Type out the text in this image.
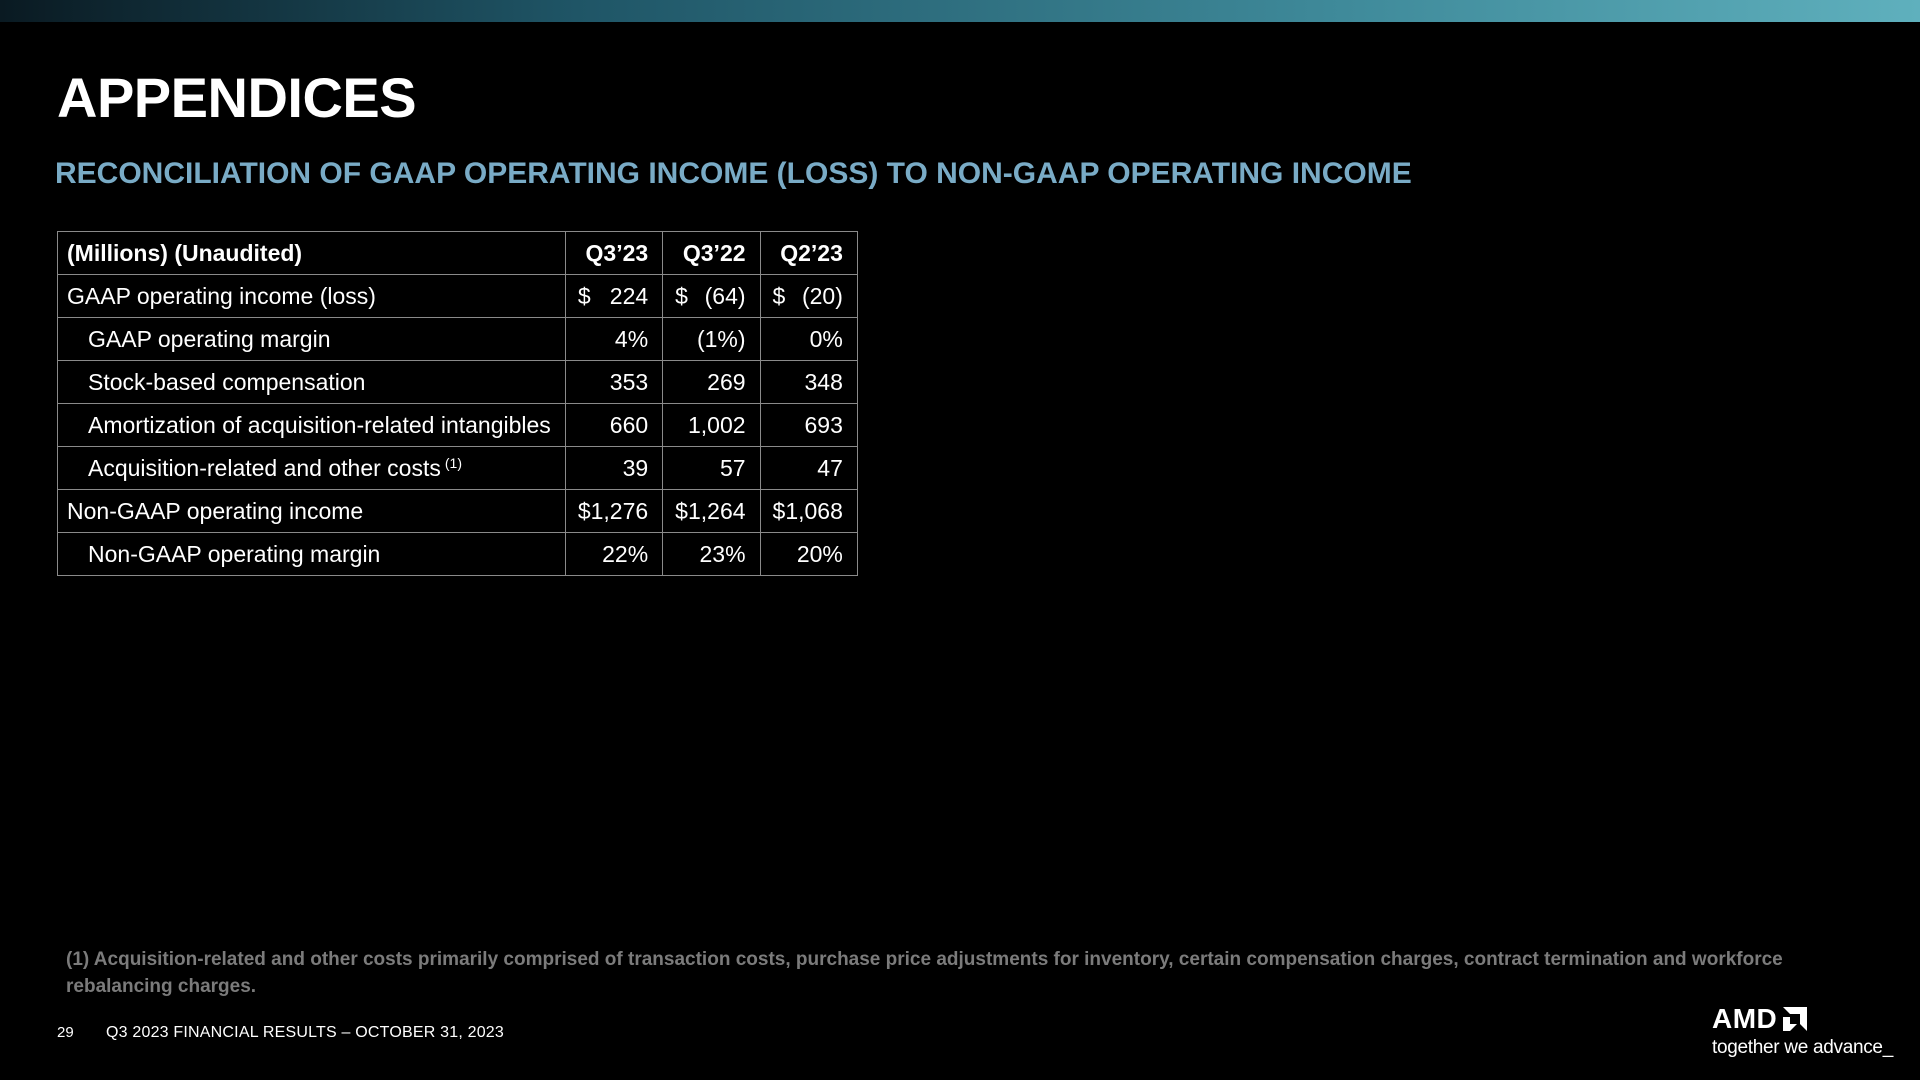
APPENDICES
RECONCILIATION OF GAAP OPERATING INCOME (LOSS) TO NON-GAAP OPERATING INCOME
(Millions) (Unaudited)	Q3’23	Q3’22	Q2’23
GAAP operating income (loss)	$ 224	$ (64)	$ (20)

GAAP operating margin	4%	(1%)	0%
Stock-based compensation	353	269	348
Amortization of acquisition-related intangibles	660	1,002	693
Acquisition-related and other costs $^{(1)}$	39	57	47
Non-GAAP operating income	$ 1,276	$ 1,264	$ 1,068

Non-GAAP operating margin	22%	23%	20%

(1) Acquisition-related and other costs primarily comprised of transaction costs, purchase price adjustments for inventory, certain compensation charges, contract termination and workforce rebalancing charges.

29 Q3 2023 FINANCIAL RESULTS – OCTOBER 31, 2023	AMD
together we advance_
